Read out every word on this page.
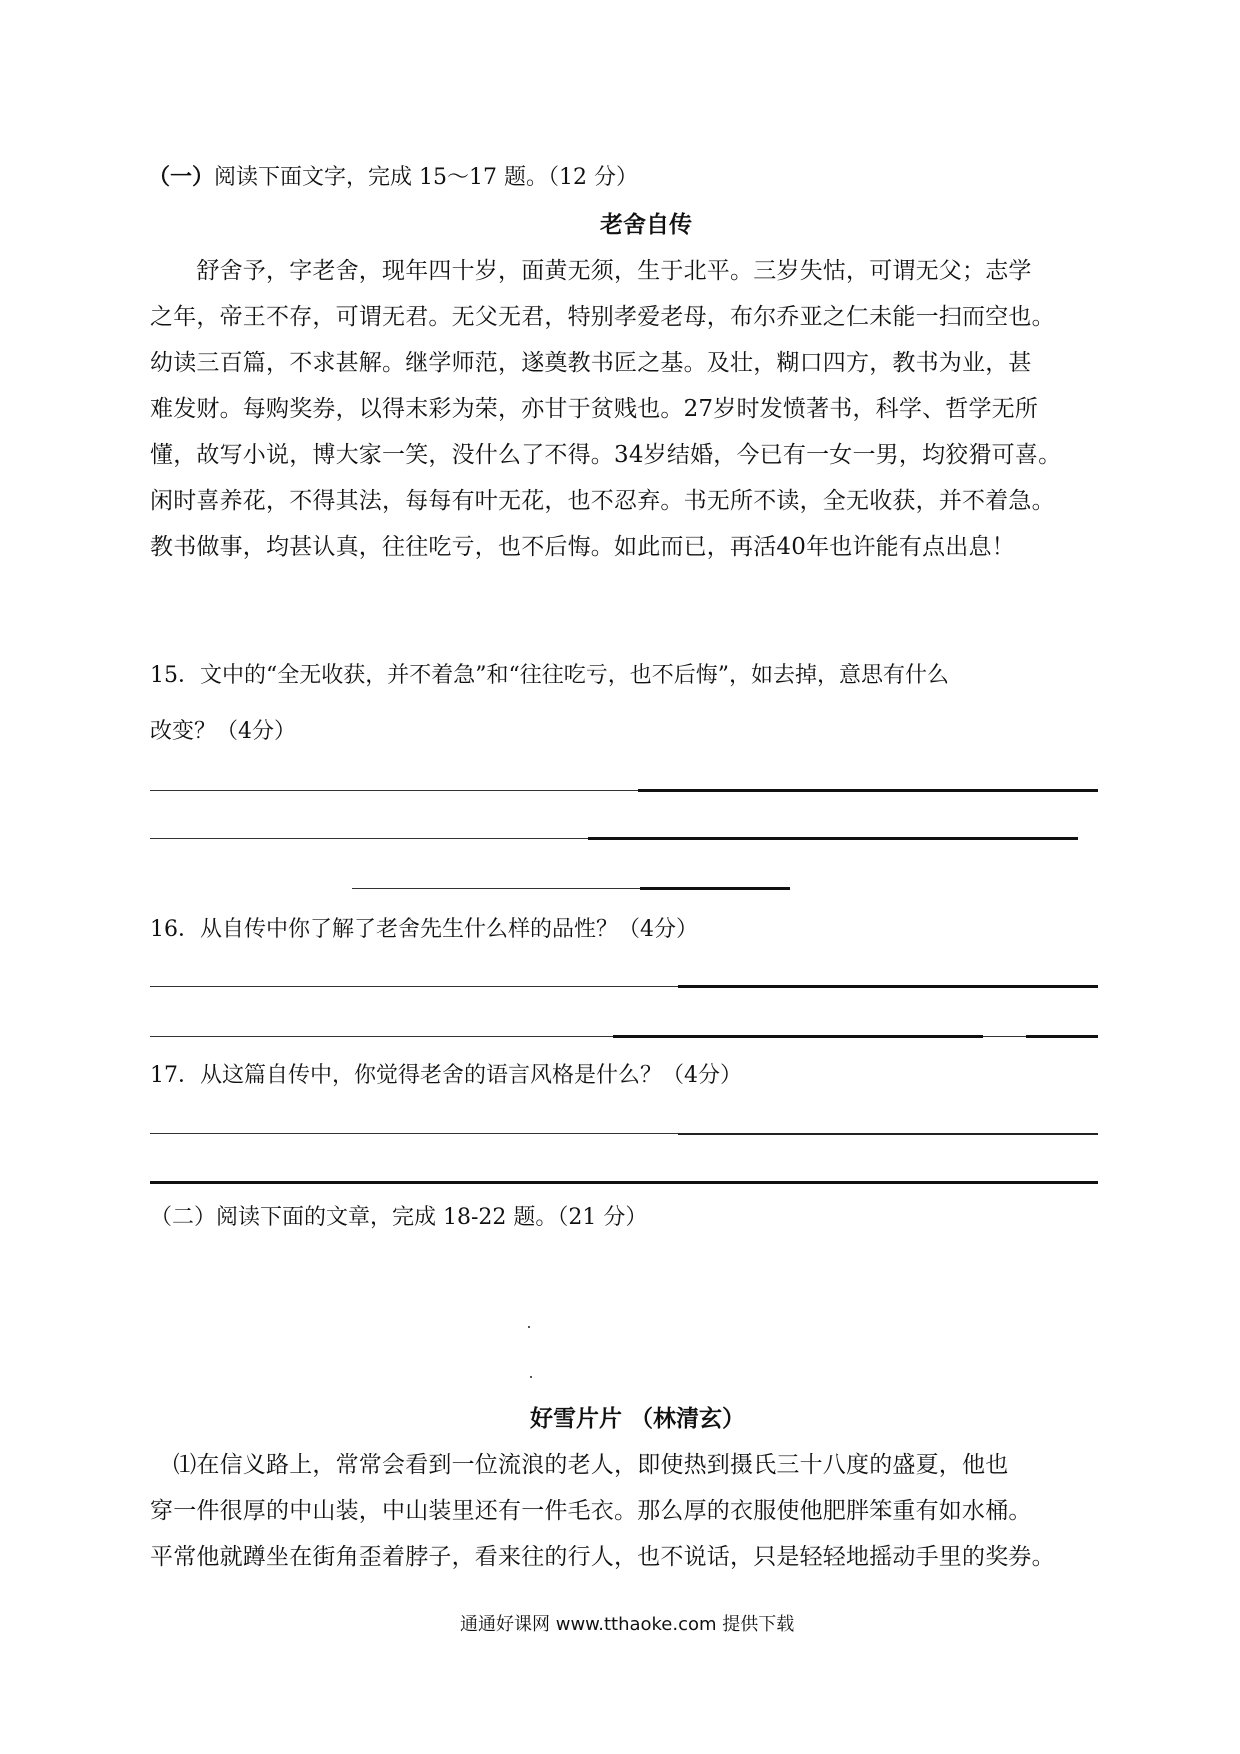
（一）阅读下面文字，完成 15～17 题。（12 分）
老舍自传
　　舒舍予，字老舍，现年四十岁，面黄无须，生于北平。三岁失怙，可谓无父；志学
之年，帝王不存，可谓无君。无父无君，特别孝爱老母，布尔乔亚之仁未能一扫而空也。
幼读三百篇，不求甚解。继学师范，遂奠教书匠之基。及壮，糊口四方，教书为业，甚
难发财。每购奖券，以得末彩为荣，亦甘于贫贱也。27岁时发愤著书，科学、哲学无所
懂，故写小说，博大家一笑，没什么了不得。34岁结婚，今已有一女一男，均狡猾可喜。
闲时喜养花，不得其法，每每有叶无花，也不忍弃。书无所不读，全无收获，并不着急。
教书做事，均甚认真，往往吃亏，也不后悔。如此而已，再活40年也许能有点出息！
15．文中的“全无收获，并不着急”和“往往吃亏，也不后悔”，如去掉，意思有什么
改变？（4分）
16．从自传中你了解了老舍先生什么样的品性？（4分）
17．从这篇自传中，你觉得老舍的语言风格是什么？（4分）
（二）阅读下面的文章，完成 18-22 题。（21 分）
好雪片片 （林清玄）
　⑴在信义路上，常常会看到一位流浪的老人，即使热到摄氏三十八度的盛夏，他也
穿一件很厚的中山装，中山装里还有一件毛衣。那么厚的衣服使他肥胖笨重有如水桶。
平常他就蹲坐在街角歪着脖子，看来往的行人，也不说话，只是轻轻地摇动手里的奖券。
通通好课网 www.tthaoke.com 提供下载
